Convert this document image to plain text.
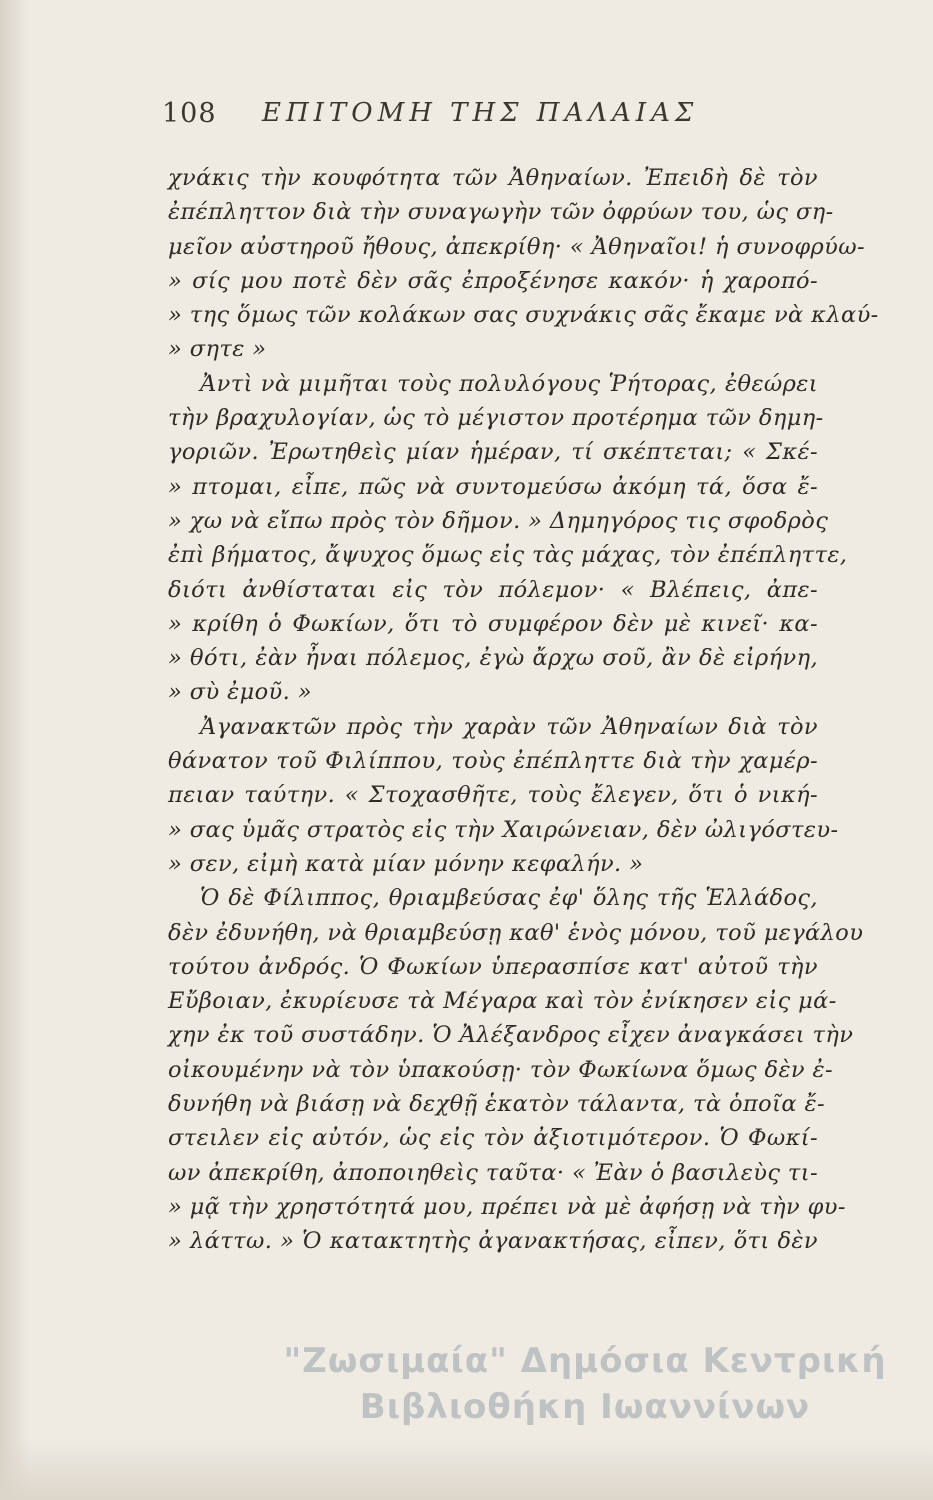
108 ΕΠΙΤΟΜΗ ΤΗΣ ΠΑΛΑΙΑΣ
χνάκις τὴν κουφότητα τῶν Ἀθηναίων. Ἐπειδὴ δὲ τὸν
ἐπέπληττον διὰ τὴν συναγωγὴν τῶν ὀφρύων του, ὡς ση-
μεῖον αὐστηροῦ ἤθους, ἀπεκρίθη· « Ἀθηναῖοι! ἡ συνοφρύω-
» σίς μου ποτὲ δὲν σᾶς ἐπροξένησε κακόν· ἡ χαροπό-
» της ὅμως τῶν κολάκων σας συχνάκις σᾶς ἔκαμε νὰ κλαύ-
» σητε »
Ἀντὶ νὰ μιμῆται τοὺς πολυλόγους Ῥήτορας, ἐθεώρει
τὴν βραχυλογίαν, ὡς τὸ μέγιστον προτέρημα τῶν δημη-
γοριῶν. Ἐρωτηθεὶς μίαν ἡμέραν, τί σκέπτεται; « Σκέ-
» πτομαι, εἶπε, πῶς νὰ συντομεύσω ἀκόμη τά, ὅσα ἔ-
» χω νὰ εἴπω πρὸς τὸν δῆμον. » Δημηγόρος τις σφοδρὸς
ἐπὶ βήματος, ἄψυχος ὅμως εἰς τὰς μάχας, τὸν ἐπέπληττε,
διότι ἀνθίσταται εἰς τὸν πόλεμον· « Βλέπεις, ἀπε-
» κρίθη ὁ Φωκίων, ὅτι τὸ συμφέρον δὲν μὲ κινεῖ· κα-
» θότι, ἐὰν ἦναι πόλεμος, ἐγὼ ἄρχω σοῦ, ἂν δὲ εἰρήνη,
» σὺ ἐμοῦ. »
Ἀγανακτῶν πρὸς τὴν χαρὰν τῶν Ἀθηναίων διὰ τὸν
θάνατον τοῦ Φιλίππου, τοὺς ἐπέπληττε διὰ τὴν χαμέρ-
πειαν ταύτην. « Στοχασθῆτε, τοὺς ἔλεγεν, ὅτι ὁ νική-
» σας ὑμᾶς στρατὸς εἰς τὴν Χαιρώνειαν, δὲν ὠλιγόστευ-
» σεν, εἰμὴ κατὰ μίαν μόνην κεφαλήν. »
Ὁ δὲ Φίλιππος, θριαμβεύσας ἐφ' ὅλης τῆς Ἑλλάδος,
δὲν ἐδυνήθη, νὰ θριαμβεύσῃ καθ' ἑνὸς μόνου, τοῦ μεγάλου
τούτου ἀνδρός. Ὁ Φωκίων ὑπερασπίσε κατ' αὐτοῦ τὴν
Εὔβοιαν, ἐκυρίευσε τὰ Μέγαρα καὶ τὸν ἐνίκησεν εἰς μά-
χην ἐκ τοῦ συστάδην. Ὁ Ἀλέξανδρος εἶχεν ἀναγκάσει τὴν
οἰκουμένην νὰ τὸν ὑπακούσῃ· τὸν Φωκίωνα ὅμως δὲν ἐ-
δυνήθη νὰ βιάσῃ νὰ δεχθῇ ἑκατὸν τάλαντα, τὰ ὁποῖα ἔ-
στειλεν εἰς αὐτόν, ὡς εἰς τὸν ἀξιοτιμότερον. Ὁ Φωκί-
ων ἀπεκρίθη, ἀποποιηθεὶς ταῦτα· « Ἐὰν ὁ βασιλεὺς τι-
» μᾷ τὴν χρηστότητά μου, πρέπει νὰ μὲ ἀφήσῃ νὰ τὴν φυ-
» λάττω. » Ὁ κατακτητὴς ἀγανακτήσας, εἶπεν, ὅτι δὲν
"Ζωσιμαία" Δημόσια Κεντρική
Βιβλιοθήκη Ιωαννίνων
